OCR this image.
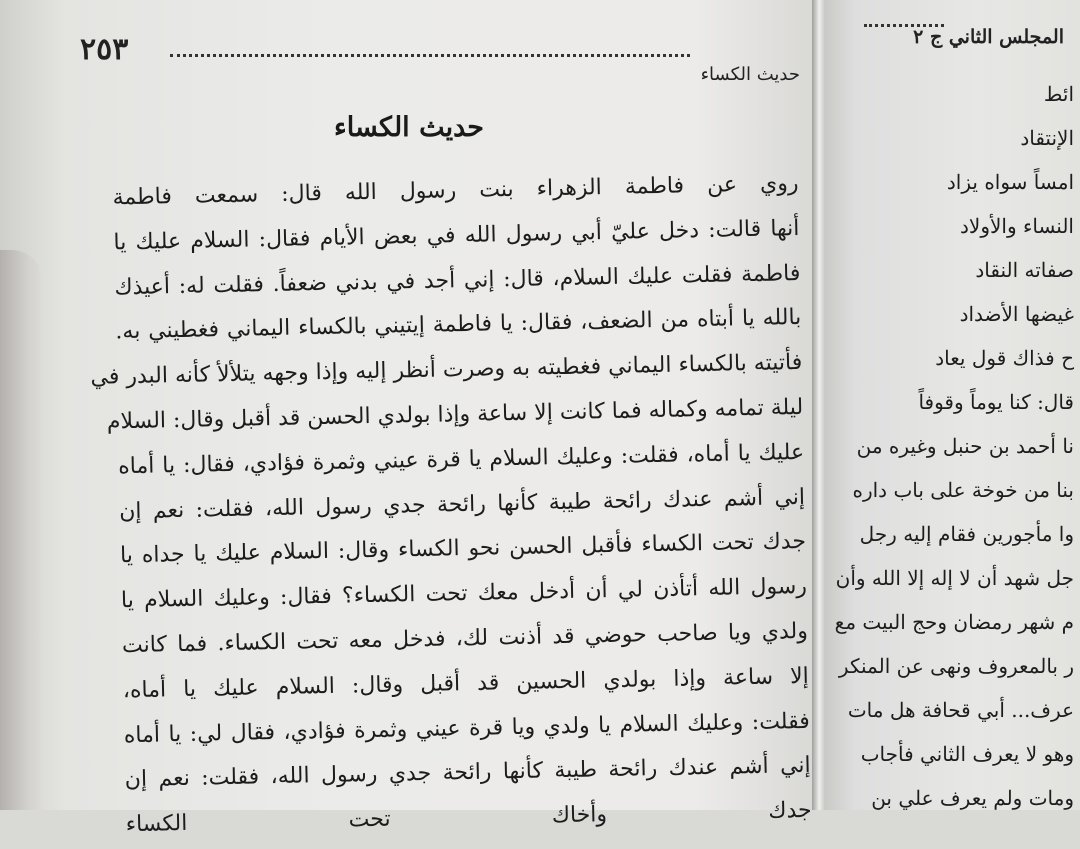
٢٥٣
حديث الكساء
حديث الكساء
روي عن فاطمة الزهراء بنت رسول الله قال: سمعت فاطمة
أنها قالت: دخل عليّ أبي رسول الله في بعض الأيام فقال: السلام عليك يا
فاطمة فقلت عليك السلام، قال: إني أجد في بدني ضعفاً. فقلت له: أعيذك
بالله يا أبتاه من الضعف، فقال: يا فاطمة إيتيني بالكساء اليماني فغطيني به.
فأتيته بالكساء اليماني فغطيته به وصرت أنظر إليه وإذا وجهه يتلألأ كأنه البدر في
ليلة تمامه وكماله فما كانت إلا ساعة وإذا بولدي الحسن قد أقبل وقال: السلام
عليك يا أماه، فقلت: وعليك السلام يا قرة عيني وثمرة فؤادي، فقال: يا أماه
إني أشم عندك رائحة طيبة كأنها رائحة جدي رسول الله، فقلت: نعم إن
جدك تحت الكساء فأقبل الحسن نحو الكساء وقال: السلام عليك يا جداه يا
رسول الله أتأذن لي أن أدخل معك تحت الكساء؟ فقال: وعليك السلام يا
ولدي ويا صاحب حوضي قد أذنت لك، فدخل معه تحت الكساء. فما كانت
إلا ساعة وإذا بولدي الحسين قد أقبل وقال: السلام عليك يا أماه،
فقلت: وعليك السلام يا ولدي ويا قرة عيني وثمرة فؤادي، فقال لي: يا أماه
إني أشم عندك رائحة طيبة كأنها رائحة جدي رسول الله، فقلت: نعم إن
جدك وأخاك تحت الكساء
المجلس الثاني ج ٢
ائط
الإنتقاد
امساً سواه يزاد
النساء والأولاد
صفاته النقاد
غيضها الأضداد
ح فذاك قول يعاد
قال: كنا يوماً وقوفاً
نا أحمد بن حنبل وغيره من
بنا من خوخة على باب داره
وا مأجورين فقام إليه رجل
جل شهد أن لا إله إلا الله وأن
م شهر رمضان وحج البيت مع
ر بالمعروف ونهى عن المنكر
عرف... أبي قحافة هل مات
وهو لا يعرف الثاني فأجاب
ومات ولم يعرف علي بن
